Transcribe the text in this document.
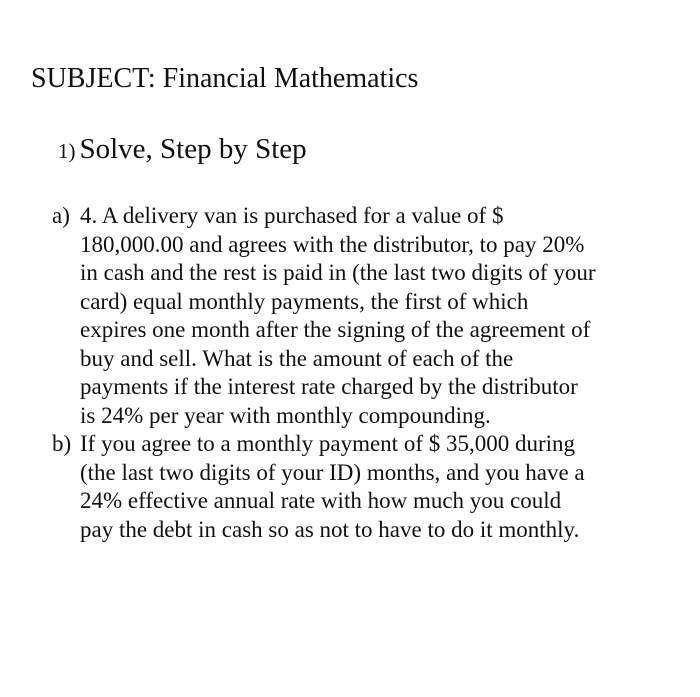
SUBJECT: Financial Mathematics
1) Solve, Step by Step
a) 4. A delivery van is purchased for a value of $
180,000.00 and agrees with the distributor, to pay 20%
in cash and the rest is paid in (the last two digits of your
card) equal monthly payments, the first of which
expires one month after the signing of the agreement of
buy and sell. What is the amount of each of the
payments if the interest rate charged by the distributor
is 24% per year with monthly compounding.
b) If you agree to a monthly payment of $ 35,000 during
(the last two digits of your ID) months, and you have a
24% effective annual rate with how much you could
pay the debt in cash so as not to have to do it monthly.
